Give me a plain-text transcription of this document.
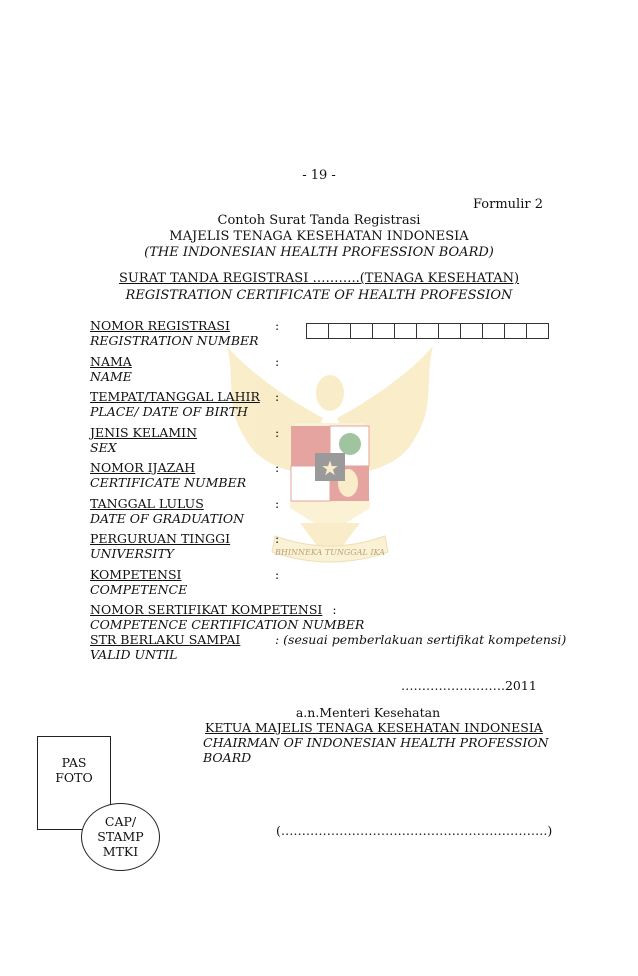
★
- 19 -
Formulir 2
Contoh Surat Tanda Registrasi
MAJELIS TENAGA KESEHATAN INDONESIA
(THE INDONESIAN HEALTH PROFESSION BOARD)
SURAT TANDA REGISTRASI ………..(TENAGA KESEHATAN)
REGISTRATION CERTIFICATE OF HEALTH PROFESSION
NOMOR REGISTRASI
REGISTRATION NUMBER
:
NAMA
NAME
:
TEMPAT/TANGGAL LAHIR
PLACE/ DATE OF BIRTH
:
JENIS KELAMIN
SEX
:
NOMOR IJAZAH
CERTIFICATE NUMBER
:
TANGGAL LULUS
DATE OF GRADUATION
:
PERGURUAN TINGGI
UNIVERSITY
:
KOMPETENSI
COMPETENCE
:
NOMOR SERTIFIKAT KOMPETENSI :
COMPETENCE CERTIFICATION NUMBER
STR BERLAKU SAMPAI
VALID UNTIL
: (sesuai pemberlakuan sertifikat kompetensi)
…………………….2011
a.n.Menteri Kesehatan
KETUA MAJELIS TENAGA KESEHATAN INDONESIA
CHAIRMAN OF INDONESIAN HEALTH PROFESSION
BOARD
(……………………………………………………….)
PAS
FOTO
CAP/
STAMP
MTKI
BHINNEKA TUNGGAL IKA
